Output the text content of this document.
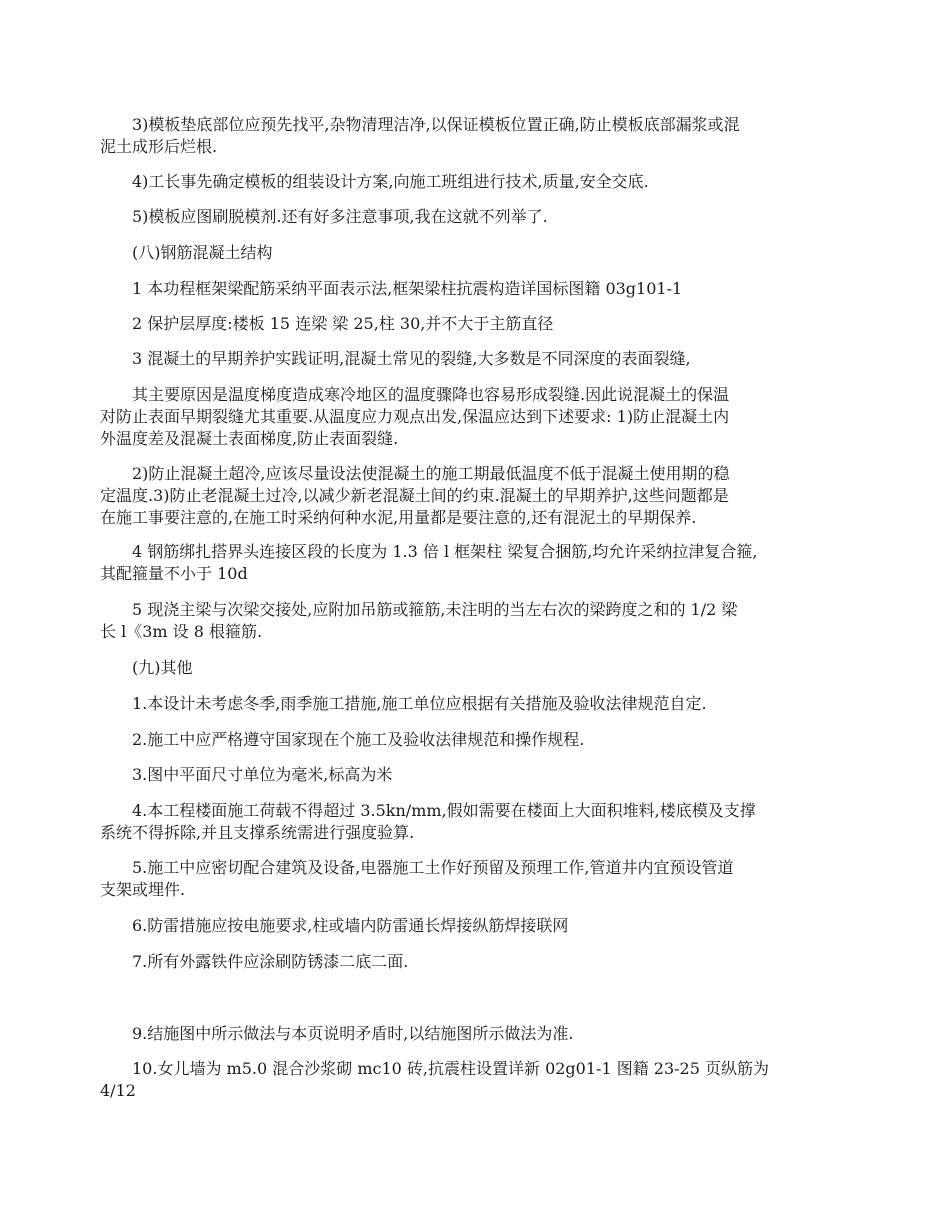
3)模板垫底部位应预先找平,杂物清理洁净,以保证模板位置正确,防止模板底部漏浆或混
泥土成形后烂根.

4)工长事先确定模板的组装设计方案,向施工班组进行技术,质量,安全交底.

5)模板应图刷脱模剂.还有好多注意事项,我在这就不列举了.

(八)钢筋混凝土结构

1 本功程框架梁配筋采纳平面表示法,框架梁柱抗震构造详国标图籍 03g101-1

2 保护层厚度:楼板 15 连梁 梁 25,柱 30,并不大于主筋直径

3 混凝土的早期养护实践证明,混凝土常见的裂缝,大多数是不同深度的表面裂缝,

其主要原因是温度梯度造成寒冷地区的温度骤降也容易形成裂缝.因此说混凝土的保温
对防止表面早期裂缝尤其重要.从温度应力观点出发,保温应达到下述要求: 1)防止混凝土内
外温度差及混凝土表面梯度,防止表面裂缝.

2)防止混凝土超冷,应该尽量设法使混凝土的施工期最低温度不低于混凝土使用期的稳
定温度.3)防止老混凝土过冷,以减少新老混凝土间的约束.混凝土的早期养护,这些问题都是
在施工事要注意的,在施工时采纳何种水泥,用量都是要注意的,还有混泥土的早期保养.

4 钢筋绑扎搭界头连接区段的长度为 1.3 倍 l 框架柱 梁复合捆筋,均允许采纳拉津复合箍,
其配箍量不小于 10d

5 现浇主梁与次梁交接处,应附加吊筋或箍筋,未注明的当左右次的梁跨度之和的 1/2 梁
长 l《3m 设 8 根箍筋.

(九)其他

1.本设计未考虑冬季,雨季施工措施,施工单位应根据有关措施及验收法律规范自定.

2.施工中应严格遵守国家现在个施工及验收法律规范和操作规程.

3.图中平面尺寸单位为毫米,标高为米

4.本工程楼面施工荷载不得超过 3.5kn/mm,假如需要在楼面上大面积堆料,楼底模及支撑
系统不得拆除,并且支撑系统需进行强度验算.

5.施工中应密切配合建筑及设备,电器施工土作好预留及预理工作,管道井内宜预设管道
支架或埋件.

6.防雷措施应按电施要求,柱或墙内防雷通长焊接纵筋焊接联网

7.所有外露铁件应涂刷防锈漆二底二面.

9.结施图中所示做法与本页说明矛盾时,以结施图所示做法为准.

10.女儿墙为 m5.0 混合沙浆砌 mc10 砖,抗震柱设置详新 02g01-1 图籍 23-25 页纵筋为
4/12
